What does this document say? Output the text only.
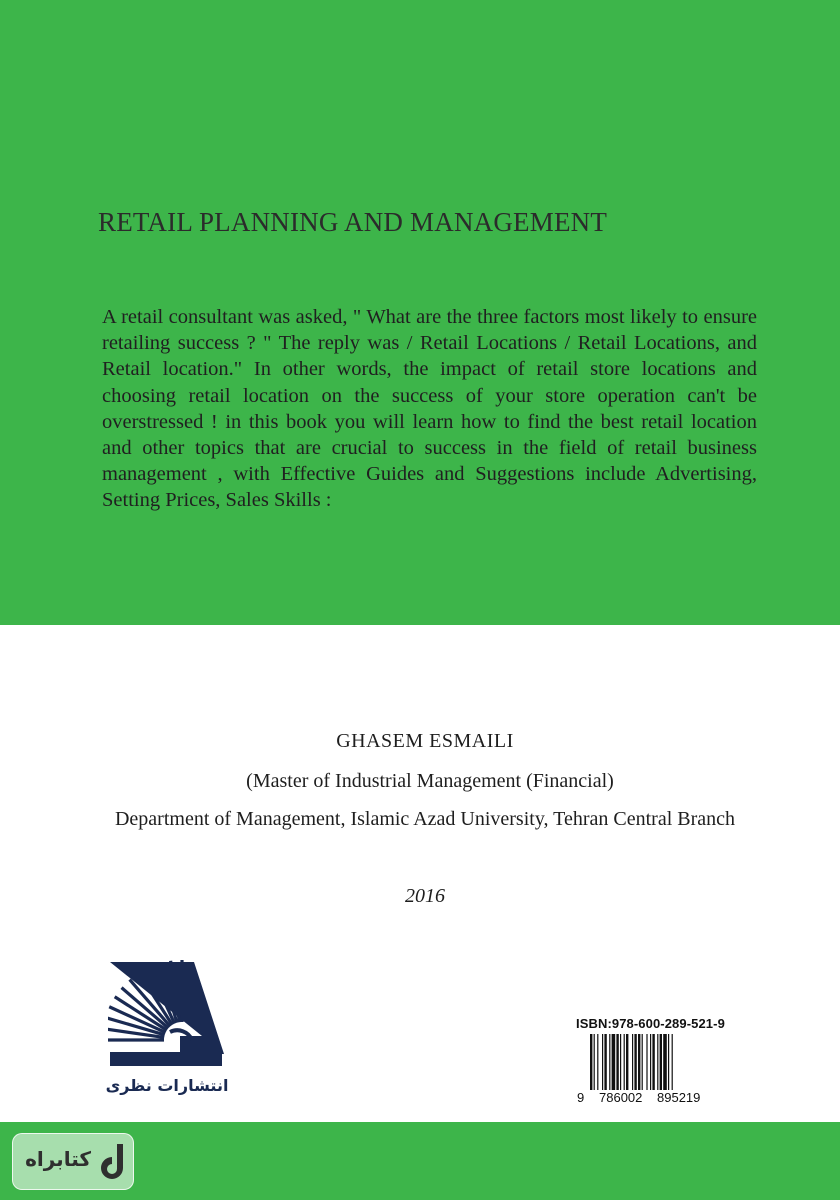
RETAIL PLANNING AND MANAGEMENT
A retail consultant was asked, " What are the three factors most likely to ensure retailing success ? " The reply was / Retail Locations / Retail Locations, and Retail location." In other words, the impact of retail store locations and choosing retail location on the success of your store operation can't be overstressed ! in this book you will learn how to find the best retail location and other topics that are crucial to success in the field of retail business management , with Effective Guides and Suggestions include Advertising, Setting Prices, Sales Skills :
GHASEM ESMAILI
(Master of Industrial Management (Financial)
Department of Management, Islamic Azad University, Tehran Central Branch
2016
انتشارات نظری
ISBN:978-600-289-521-9
9 786002 895219
کتابراه
